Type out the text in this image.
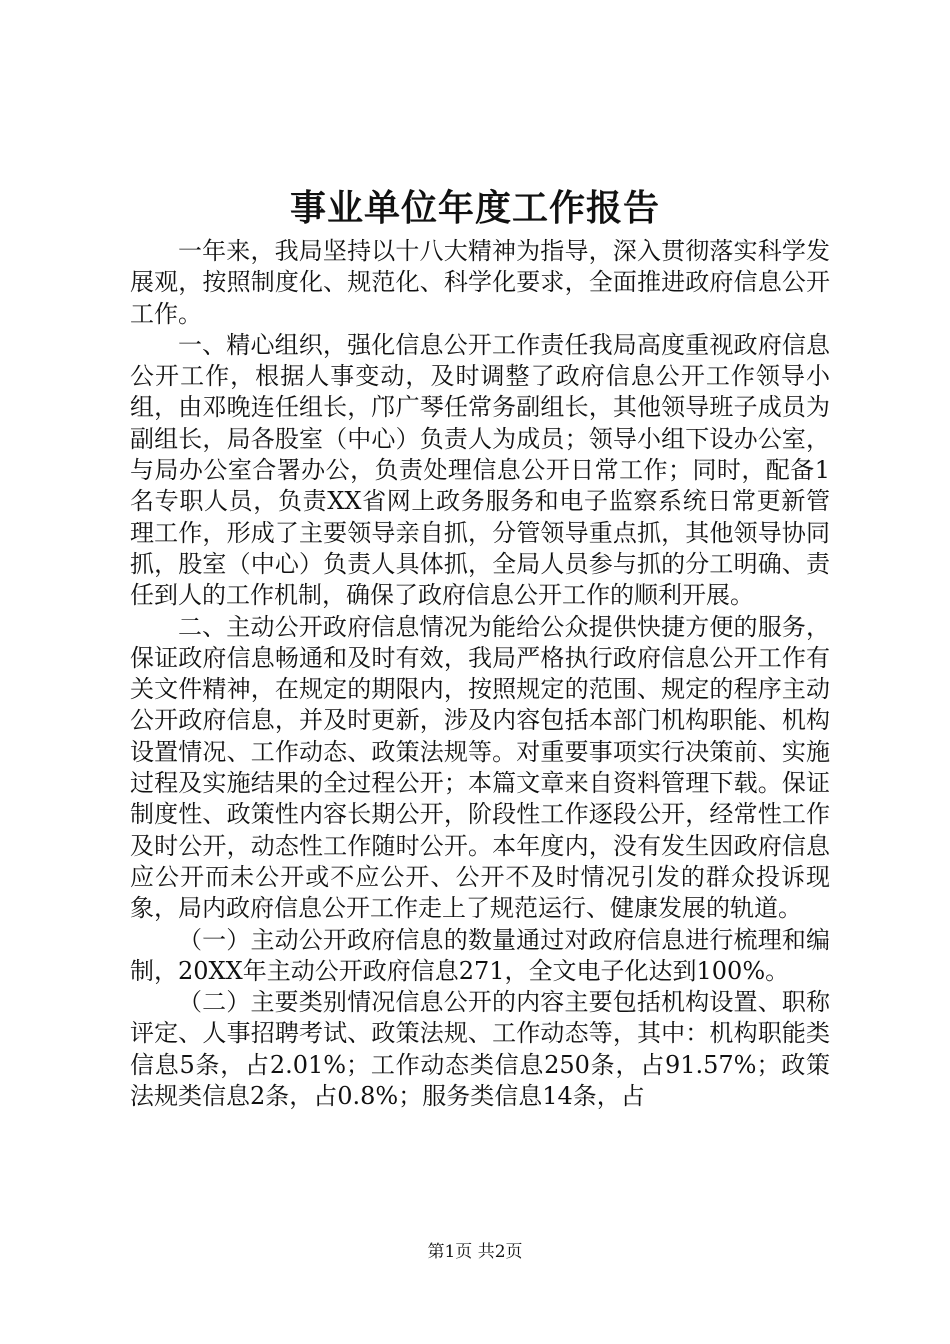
事业单位年度工作报告

一年来，我局坚持以十八大精神为指导，深入贯彻落实科学发展观，按照制度化、规范化、科学化要求，全面推进政府信息公开工作。

一、精心组织，强化信息公开工作责任我局高度重视政府信息公开工作，根据人事变动，及时调整了政府信息公开工作领导小组，由邓晚连任组长，邝广琴任常务副组长，其他领导班子成员为副组长，局各股室（中心）负责人为成员；领导小组下设办公室，与局办公室合署办公，负责处理信息公开日常工作；同时，配备1名专职人员，负责XX省网上政务服务和电子监察系统日常更新管理工作，形成了主要领导亲自抓，分管领导重点抓，其他领导协同抓，股室（中心）负责人具体抓，全局人员参与抓的分工明确、责任到人的工作机制，确保了政府信息公开工作的顺利开展。

二、主动公开政府信息情况为能给公众提供快捷方便的服务，保证政府信息畅通和及时有效，我局严格执行政府信息公开工作有关文件精神，在规定的期限内，按照规定的范围、规定的程序主动公开政府信息，并及时更新，涉及内容包括本部门机构职能、机构设置情况、工作动态、政策法规等。对重要事项实行决策前、实施过程及实施结果的全过程公开；本篇文章来自资料管理下载。保证制度性、政策性内容长期公开，阶段性工作逐段公开，经常性工作及时公开，动态性工作随时公开。本年度内，没有发生因政府信息应公开而未公开或不应公开、公开不及时情况引发的群众投诉现象，局内政府信息公开工作走上了规范运行、健康发展的轨道。

（一）主动公开政府信息的数量通过对政府信息进行梳理和编制，20XX年主动公开政府信息271，全文电子化达到100%。

（二）主要类别情况信息公开的内容主要包括机构设置、职称评定、人事招聘考试、政策法规、工作动态等，其中：机构职能类信息5条，占2.01%；工作动态类信息250条，占91.57%；政策法规类信息2条，占0.8%；服务类信息14条，占

第1页 共2页
